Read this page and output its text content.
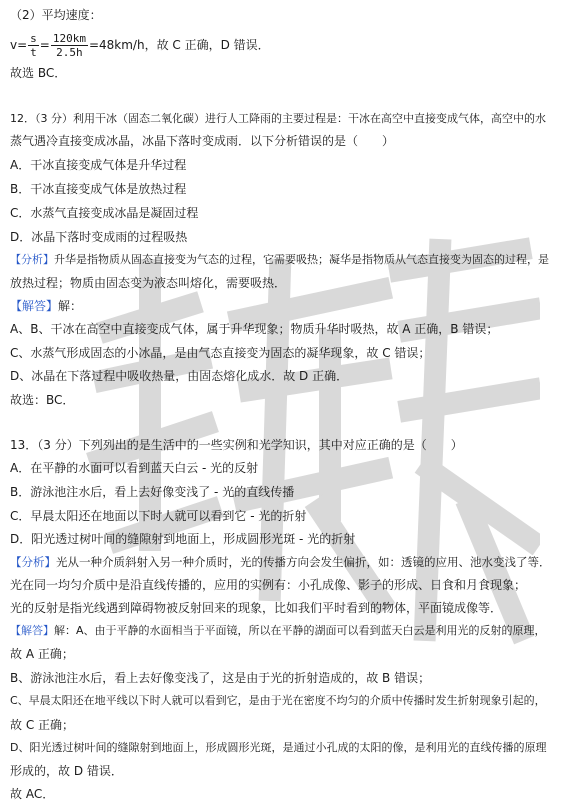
（2）平均速度：
$v= \frac{s}{t} = \frac{120km}{2.5h} =48km/h$，故 C 正确，D 错误．
故选 BC．
12．（3 分）利用干冰（固态二氧化碳）进行人工降雨的主要过程是：干冰在高空中直接变成气体，高空中的水
蒸气遇冷直接变成冰晶，冰晶下落时变成雨．以下分析错误的是（　　）
A．干冰直接变成气体是升华过程
B．干冰直接变成气体是放热过程
C．水蒸气直接变成冰晶是凝固过程
D．冰晶下落时变成雨的过程吸热
【分析】升华是指物质从固态直接变为气态的过程，它需要吸热；凝华是指物质从气态直接变为固态的过程，是
放热过程；物质由固态变为液态叫熔化，需要吸热．
【解答】解：
A、B、干冰在高空中直接变成气体，属于升华现象；物质升华时吸热，故 A 正确，B 错误；
C、水蒸气形成固态的小冰晶，是由气态直接变为固态的凝华现象，故 C 错误；
D、冰晶在下落过程中吸收热量，由固态熔化成水．故 D 正确．
故选：BC．
13．（3 分）下列列出的是生活中的一些实例和光学知识，其中对应正确的是（　　）
A．在平静的水面可以看到蓝天白云 - 光的反射
B．游泳池注水后，看上去好像变浅了 - 光的直线传播
C．早晨太阳还在地面以下时人就可以看到它 - 光的折射
D．阳光透过树叶间的缝隙射到地面上，形成圆形光斑 - 光的折射
【分析】光从一种介质斜射入另一种介质时，光的传播方向会发生偏折，如：透镜的应用、池水变浅了等．
光在同一均匀介质中是沿直线传播的，应用的实例有：小孔成像、影子的形成、日食和月食现象；
光的反射是指光线遇到障碍物被反射回来的现象，比如我们平时看到的物体，平面镜成像等．
【解答】解：A、由于平静的水面相当于平面镜，所以在平静的湖面可以看到蓝天白云是利用光的反射的原理，
故 A 正确；
B、游泳池注水后，看上去好像变浅了，这是由于光的折射造成的，故 B 错误；
C、早晨太阳还在地平线以下时人就可以看到它，是由于光在密度不均匀的介质中传播时发生折射现象引起的，
故 C 正确；
D、阳光透过树叶间的缝隙射到地面上，形成圆形光斑，是通过小孔成的太阳的像，是利用光的直线传播的原理
形成的，故 D 错误．
故 AC．
